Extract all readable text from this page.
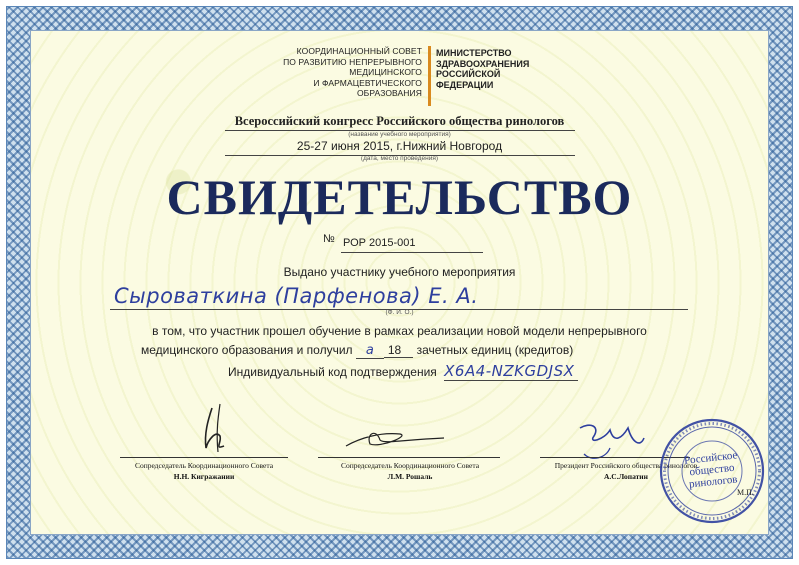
КООРДИНАЦИОННЫЙ СОВЕТ
ПО РАЗВИТИЮ НЕПРЕРЫВНОГО
МЕДИЦИНСКОГО
И ФАРМАЦЕВТИЧЕСКОГО
ОБРАЗОВАНИЯ
МИНИСТЕРСТВО
ЗДРАВООХРАНЕНИЯ
РОССИЙСКОЙ
ФЕДЕРАЦИИ
Всероссийский конгресс Российского общества ринологов
(название учебного мероприятия)
25-27 июня 2015, г.Нижний Новгород
(дата, место проведения)
СВИДЕТЕЛЬСТВО
№ РОР 2015-001
Выдано участнику учебного мероприятия
Сыроваткина (Парфенова) Е. А.
(Ф. И. О.)
в том, что участник прошел обучение в рамках реализации новой модели непрерывного
медицинского образования и получил а 18 зачетных единиц (кредитов)
Индивидуальный код подтверждения X6A4-NZKGDJSX
Сопредседатель Координационного Совета
Н.Н. Кигражании
Сопредседатель Координационного Совета
Л.М. Рошаль
Президент Российского общества ринологов
А.С.Лопатин
Российское
общество
ринологов
М.П.
